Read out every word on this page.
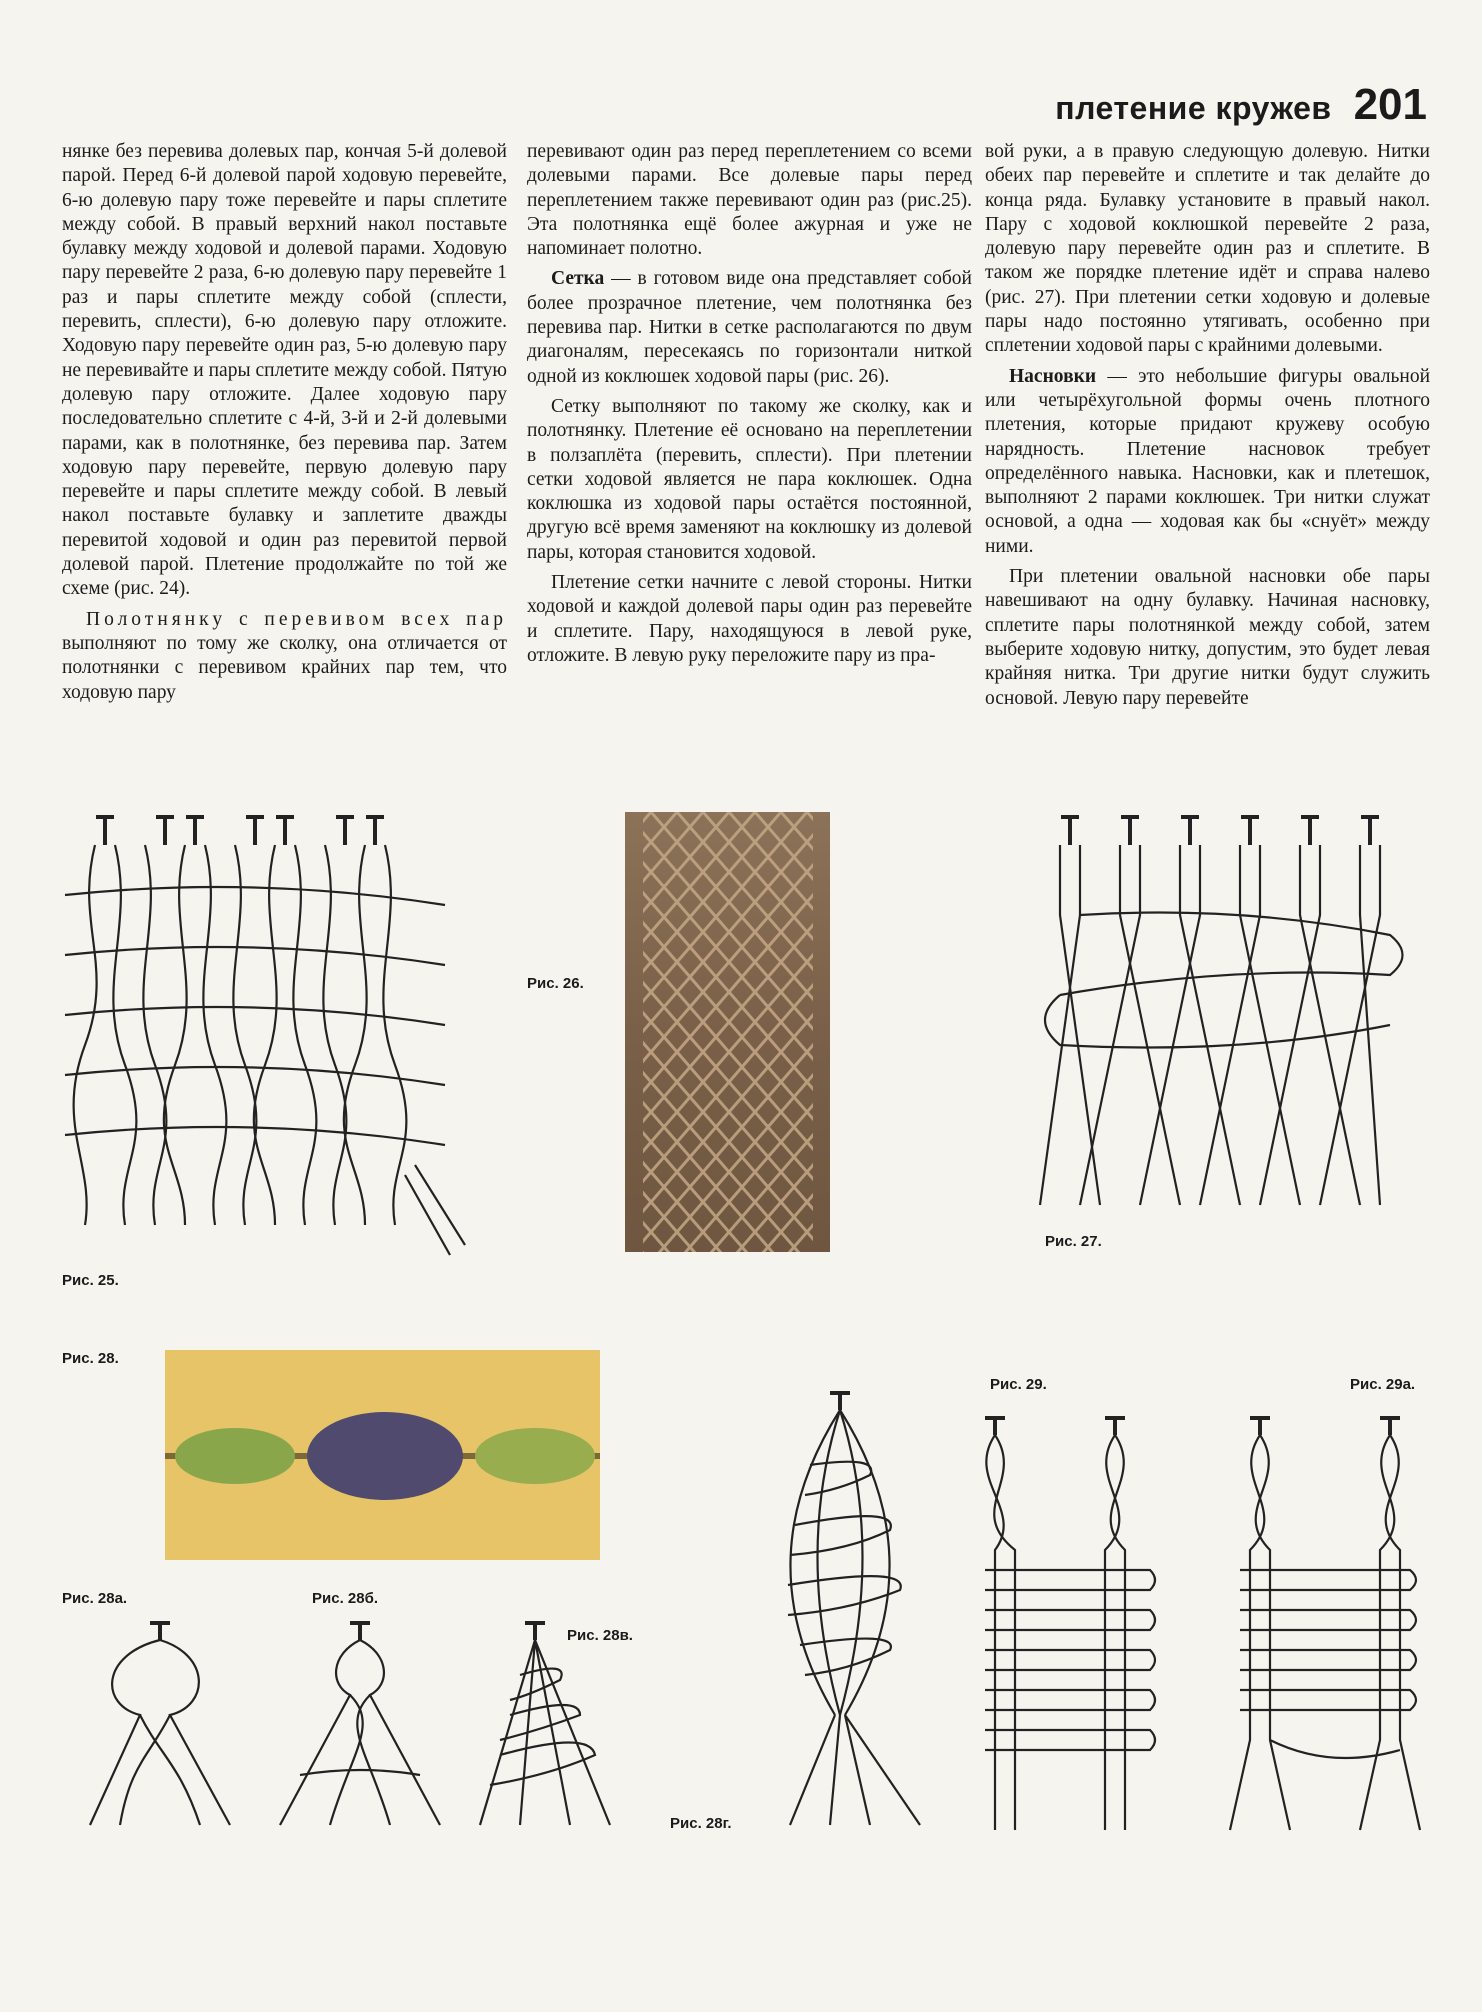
плетение кружев 201

нянке без перевива долевых пар, кончая 5-й долевой парой. Перед 6-й долевой парой ходовую перевейте, 6-ю долевую пару тоже перевейте и пары сплетите между собой. В правый верхний накол поставьте булавку между ходовой и долевой парами. Ходовую пару перевейте 2 раза, 6-ю долевую пару перевейте 1 раз и пары сплетите между собой (сплести, перевить, сплести), 6-ю долевую пару отложите. Ходовую пару перевейте один раз, 5-ю долевую пару не перевивайте и пары сплетите между собой. Пятую долевую пару отложите. Далее ходовую пару последовательно сплетите с 4-й, 3-й и 2-й долевыми парами, как в полотнянке, без перевива пар. Затем ходовую пару перевейте, первую долевую пару перевейте и пары сплетите между собой. В левый накол поставьте булавку и заплетите дважды перевитой ходовой и один раз перевитой первой долевой парой. Плетение продолжайте по той же схеме (рис. 24).

Полотнянку с перевивом всех пар выполняют по тому же сколку, она отличается от полотнянки с перевивом крайних пар тем, что ходовую пару

перевивают один раз перед переплетением со всеми долевыми парами. Все долевые пары перед переплетением также перевивают один раз (рис.25). Эта полотнянка ещё более ажурная и уже не напоминает полотно.

Сетка — в готовом виде она представляет собой более прозрачное плетение, чем полотнянка без перевива пар. Нитки в сетке располагаются по двум диагоналям, пересекаясь по горизонтали ниткой одной из коклюшек ходовой пары (рис. 26).

Сетку выполняют по такому же сколку, как и полотнянку. Плетение её основано на переплетении в ползаплёта (перевить, сплести). При плетении сетки ходовой является не пара коклюшек. Одна коклюшка из ходовой пары остаётся постоянной, другую всё время заменяют на коклюшку из долевой пары, которая становится ходовой.

Плетение сетки начните с левой стороны. Нитки ходовой и каждой долевой пары один раз перевейте и сплетите. Пару, находящуюся в левой руке, отложите. В левую руку переложите пару из пра-

вой руки, а в правую следующую долевую. Нитки обеих пар перевейте и сплетите и так делайте до конца ряда. Булавку установите в правый накол. Пару с ходовой коклюшкой перевейте 2 раза, долевую пару перевейте один раз и сплетите. В таком же порядке плетение идёт и справа налево (рис. 27). При плетении сетки ходовую и долевые пары надо постоянно утягивать, особенно при сплетении ходовой пары с крайними долевыми.

Насновки — это небольшие фигуры овальной или четырёхугольной формы очень плотного плетения, которые придают кружеву особую нарядность. Плетение насновок требует определённого навыка. Насновки, как и плетешок, выполняют 2 парами коклюшек. Три нитки служат основой, а одна — ходовая как бы «снуёт» между ними.

При плетении овальной насновки обе пары навешивают на одну булавку. Начиная насновку, сплетите пары полотнянкой между собой, затем выберите ходовую нитку, допустим, это будет левая крайняя нитка. Три другие нитки будут служить основой. Левую пару перевейте

Рис. 25.
Рис. 26.
Рис. 27.
Рис. 28.
Рис. 28а.	Рис. 28б.
Рис. 28в.
Рис. 28г.
Рис. 29.	Рис. 29а.
